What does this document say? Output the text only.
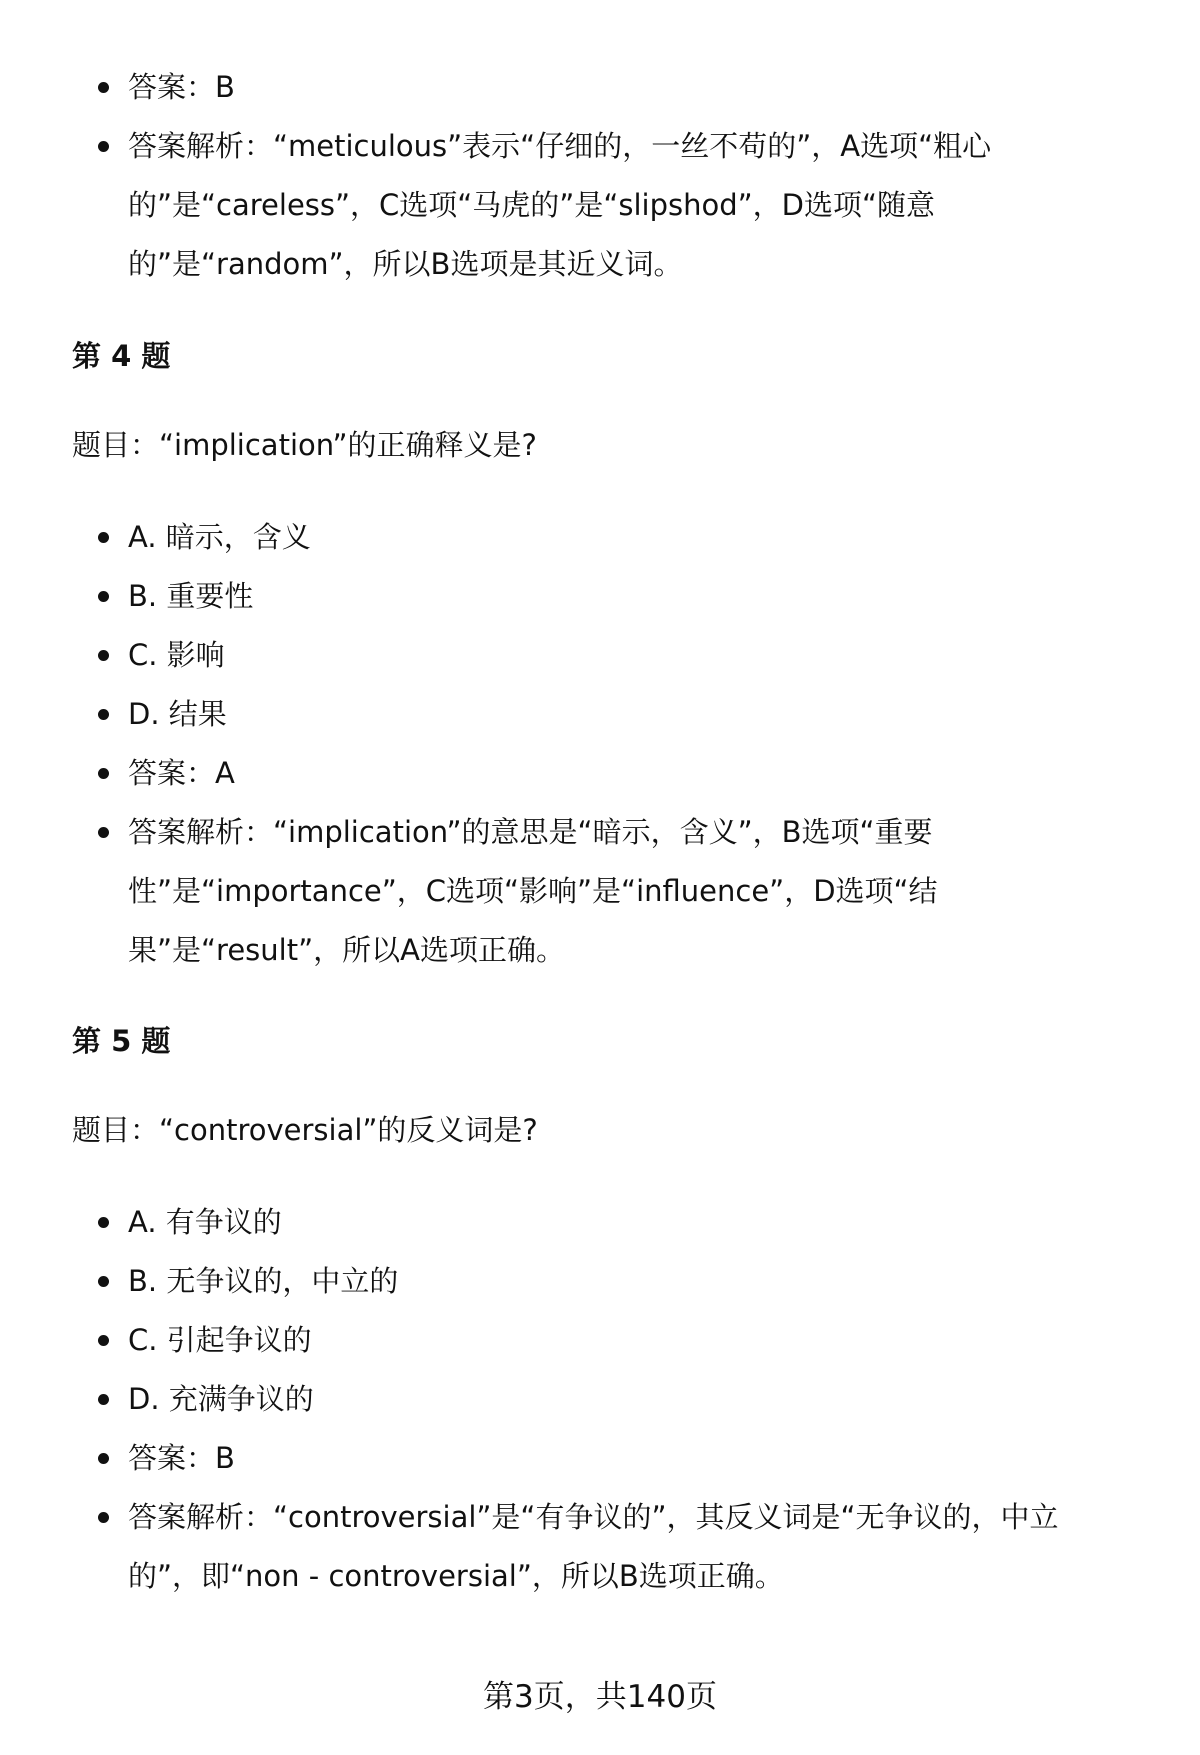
答案：B
答案解析：“meticulous”表示“仔细的，一丝不苟的”，A选项“粗心的”是“careless”，C选项“马虎的”是“slipshod”，D选项“随意的”是“random”，所以B选项是其近义词。
第 4 题
题目：“implication”的正确释义是?
A. 暗示，含义
B. 重要性
C. 影响
D. 结果
答案：A
答案解析：“implication”的意思是“暗示，含义”，B选项“重要性”是“importance”，C选项“影响”是“influence”，D选项“结果”是“result”，所以A选项正确。
第 5 题
题目：“controversial”的反义词是?
A. 有争议的
B. 无争议的，中立的
C. 引起争议的
D. 充满争议的
答案：B
答案解析：“controversial”是“有争议的”，其反义词是“无争议的，中立的”，即“non - controversial”，所以B选项正确。
第3页，共140页
